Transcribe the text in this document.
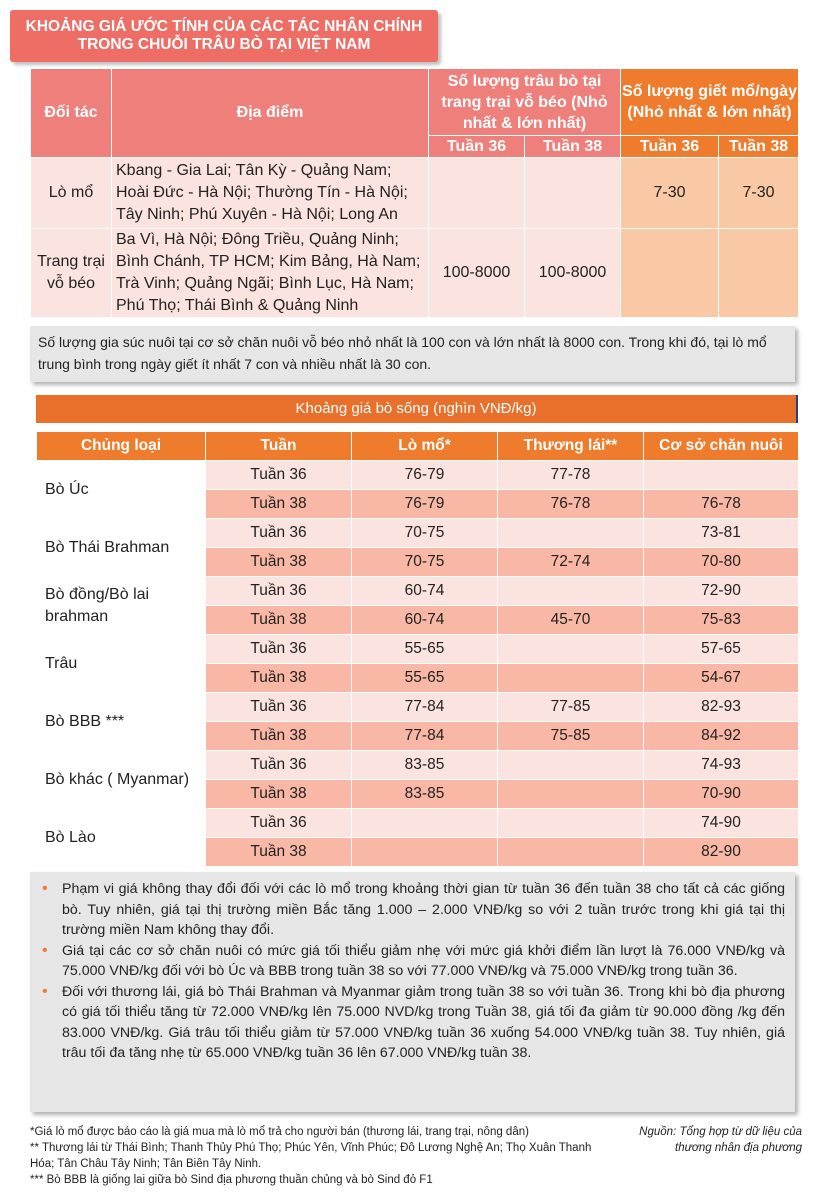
KHOẢNG GIÁ ƯỚC TÍNH CỦA CÁC TÁC NHÂN CHÍNH
TRONG CHUỖI TRÂU BÒ TẠI VIỆT NAM
Đối tác	Địa điểm	Số lượng trâu bò tại trang trại vỗ béo (Nhỏ nhất & lớn nhất)		Số lượng giết mổ/ngày (Nhỏ nhất & lớn nhất)	
		Tuần 36	Tuần 38	Tuần 36	Tuần 38
Lò mổ	Kbang - Gia Lai; Tân Kỳ - Quảng Nam; Hoài Đức - Hà Nội; Thường Tín - Hà Nội; Tây Ninh; Phú Xuyên - Hà Nội; Long An			7-30	7-30
Trang trại vỗ béo	Ba Vì, Hà Nội; Đông Triều, Quảng Ninh; Bình Chánh, TP HCM; Kim Bảng, Hà Nam; Trà Vinh; Quảng Ngãi; Bình Lục, Hà Nam; Phú Thọ; Thái Bình & Quảng Ninh	100-8000	100-8000		
Số lượng gia súc nuôi tại cơ sở chăn nuôi vỗ béo nhỏ nhất là 100 con và lớn nhất là 8000 con. Trong khi đó, tại lò mổ trung bình trong ngày giết ít nhất 7 con và nhiều nhất là 30 con.
Khoảng giá bò sống (nghìn VNĐ/kg)
Chủng loại	Tuần	Lò mổ*	Thương lái**	Cơ sở chăn nuôi
Bò Úc	Tuần 36	76-79	77-78	
	Tuần 38	76-79	76-78	76-78
Bò Thái Brahman	Tuần 36	70-75		73-81
	Tuần 38	70-75	72-74	70-80
Bò đồng/Bò lai brahman	Tuần 36	60-74		72-90
	Tuần 38	60-74	45-70	75-83
Trâu	Tuần 36	55-65		57-65
	Tuần 38	55-65		54-67
Bò BBB ***	Tuần 36	77-84	77-85	82-93
	Tuần 38	77-84	75-85	84-92
Bò khác ( Myanmar)	Tuần 36	83-85		74-93
	Tuần 38	83-85		70-90
Bò Lào	Tuần 36			74-90
	Tuần 38			82-90
• Phạm vi giá không thay đổi đối với các lò mổ trong khoảng thời gian từ tuần 36 đến tuần 38 cho tất cả các giống bò. Tuy nhiên, giá tại thị trường miền Bắc tăng 1.000 – 2.000 VNĐ/kg so với 2 tuần trước trong khi giá tại thị trường miền Nam không thay đổi.
• Giá tại các cơ sở chăn nuôi có mức giá tối thiểu giảm nhẹ với mức giá khởi điểm lần lượt là 76.000 VNĐ/kg và 75.000 VNĐ/kg đối với bò Úc và BBB trong tuần 38 so với 77.000 VNĐ/kg và 75.000 VNĐ/kg trong tuần 36.
• Đối với thương lái, giá bò Thái Brahman và Myanmar giảm trong tuần 38 so với tuần 36. Trong khi bò địa phương có giá tối thiểu tăng từ 72.000 VNĐ/kg lên 75.000 NVD/kg trong Tuần 38, giá tối đa giảm từ 90.000 đồng /kg đến 83.000 VNĐ/kg. Giá trâu tối thiểu giảm từ 57.000 VNĐ/kg tuần 36 xuống 54.000 VNĐ/kg tuần 38. Tuy nhiên, giá trâu tối đa tăng nhẹ từ 65.000 VNĐ/kg tuần 36 lên 67.000 VNĐ/kg tuần 38.
*Giá lò mổ được báo cáo là giá mua mà lò mổ trả cho người bán (thương lái, trang trại, nông dân)
** Thương lái từ Thái Bình; Thanh Thủy Phú Thọ; Phúc Yên, Vĩnh Phúc; Đô Lương Nghệ An; Thọ Xuân Thanh Hóa; Tân Châu Tây Ninh; Tân Biên Tây Ninh.
*** Bò BBB là giống lai giữa bò Sind địa phương thuần chủng và bò Sind đỏ F1
Nguồn: Tổng hợp từ dữ liệu của thương nhân địa phương
